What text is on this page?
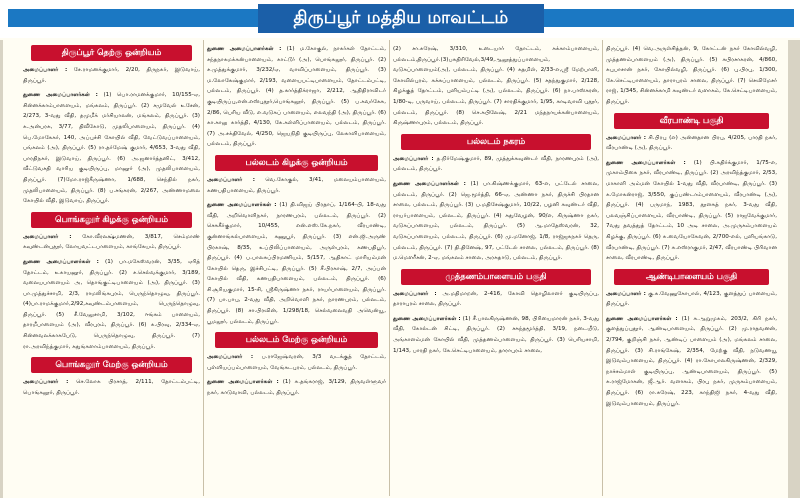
திருப்பூர் மத்திய மாவட்டம்
திருப்பூர் தெற்கு ஒன்றியம்

அமைப்பாளர் : சே.ராமனக்குமார், 2/20, திருநகர், இடுவாய், திருப்பூர்.

துணை அமைப்பாளர்கள் : (1) பொ.ராமனக்குமார், 10/155-ஏ, சின்னக்காம்பாளையம், மங்கலம், திருப்பூர். (2) சமுவேல் உசேன், 2/273, 3-வது வீதி, தமுமீக் மர்சியாலன், மங்கலம், திருப்பூர். (3) க.அன்பரசு, 3/77, திவீகோடு, முதலிபாளையம், திருப்பூர். (4) பெ.மோகேகர், 140, அப்புச்சி கோயில் வீதி, வேட்டுவப்பாளையம், பங்கலம் (அ), திருப்பூர். (5) ரா.தர்மேஷ் குமார், 4/653, 3-வது வீதி, பாரதிநகர், இடுவாய், திருப்பூர். (6) அ.ஜனார்த்தனிட், 3/412, வீட்டுவசதி வாரிய குடியிருப்பு, மானூர் (அ), முதலிபாளையம், திருப்பூர். (7)மோ.ராஜ்கீருஷ்ணா, 1/688, செந்தில் நகர், முதலிபாளையம், திருப்பூர். (8) ப.சங்கரன், 2/267, அண்ணாமலை கோயில் வீதி, இடுவாய், திருப்பூர்.

பொங்கலூர் கிழக்கு ஒன்றியம்

அமைப்பாளர் : கோ.வீரலக்ஷ்மணன், 3/817, செம்மாண் கவுண்டன்புதூர், லோயவட்டபாளையம், காங்கேயம், திருப்பூர்.

துணை அமைப்பாளர்கள் : (1) பா.மகேஸ்வரன், 3/35, ஏரித் தோட்டம், உகாயனூர், திருப்பூர். (2) ச.செல்வக்குமார், 3/189, வலையபாளையம் அ, தொங்குட்டிபாளையம் (அ), திருப்பூர். (3) பா.முத்துச்சாமி, 2/3, ராமலிங்கபுரம், பெருந்தொழுவு, திருப்பூர்.(4)பா.ராமக்குமார்,2/92,கவுண்டம்பாளையம், பெருந்தொழுவு, திருப்பூர். (5) சீ.வேலுசாமி, 3/102, ஈங்கம் பாளையம், தாரமீபாளையம் (அ), வீரபுரம், திருப்பூர். (6) க.பிரவு, 2/334-ஏ, சின்னவலக்காகபேடு, பெருந்தொழுவு, திருப்பூர். (7) ரா.அரவிந்த்குமார், கதுங்களாம்பாளையம், திருப்பூர்.

பொங்கலூர் மேற்கு ஒன்றியம்

அமைப்பாளர் : செ.லோக பிரசாத், 2/111, தோட்டம்பட்டி, பொங்கலூர், திருப்பூர்.

துணை அமைப்பாளர்கள் : (1) ம.கோகுல், நாகர்கள் தோட்டம், சந்தநாகமக்கன்பாளையம், காட்டூர் (அ), பொங்கலூர், திருப்பூர். (2) ச.முத்துக்குமார், 3/232/ஏ, வாவிப்பாளையம், திருப்பூர். (3) ம.லோகேஷ்குமார், 2/193, வளையபட்டிபாளையம், தோட்டம்பட்டி, பல்லடம், திருப்பூர். (4) த.கார்த்திக்ராஜா, 2/212, ஆதிதிராவிடர் குடியிருப்பு,என்.எஸ்புதூர்,பொங்கலூர், திருப்பூர். (5) ப.கவர்கேசு, 2/86, பெரிய வீடு, எ.வடுகப் பாளையம், எலவந்தி (அ), திருப்பூர். (6) கா.காலு கார்த்தி, 4/130, கே.கள்ளிப்பாளையம், பல்லடம், திருப்பூர். (7) அ.சக்திவேல், 4/250, ஜெயநிதி குடியிருப்பு, லேகாளிபாளையம், பல்லடம், திருப்பூர்.

பல்லடம் கிழக்கு ஒன்றியம்

அமைப்பாளர் : வெ.கோகுல், 3/41, மலையம்பாளையம், கணபதிபாளையம், திருப்பூர்.

துணை அமைப்பாளர்கள் : (1) தி.விஜய் பிரதாப், 1/164-பி, 18-வது வீதி, அறிவொளிநகர், நாரணபுரம், பல்லடம், திருப்பூர். (2) செசுகீர்குமார், 10/455, என்.எஸ்.கே.நகர், வீரபாண்டி, குன்னாங்கல்பாளையம், கணுபூர், திருப்பூர். (3) என்.ஜி.அருண் பிரகாஷ், 8/35, உப்பிலிப்பாளையம், அருள்புரம், கணபதிபூர், திருப்பூர். (4) ப.பாலசுப்பிரமணியம், 5/157, ஆதிகாட் மாரியம்மன் கோயில் தெரு, இச்சிபட்டி, திருப்பூர். (5) சீ.பிரகாஷ், 2/7, அப்பன் கோயில் வீதி, கணபதிபாளையம், பல்லடம், திருப்பூர். (6) சி.சூரியகுமார், 15-சி, ஸ்ரீகிருஷ்ணா நகர், ராயர்பாளையம், திருப்பூர். (7) பா.பாபு, 2-வது வீதி, அறிவொளி நகர், நாரணபுரம், பல்லடம், திருப்பூர். (8) சா.பிரவின், 1/298/18, செல்வலைவதி அவென்யூ, பூமலூர், பல்லடம், திருப்பூர்.

பல்லடம் மேற்கு ஒன்றியம்

அமைப்பாளர் : ப.ராஜேஷ்வரன், 3/3 வடக்குத் தோட்டம், புள்ளியப்பம்பாளையம், வேங்கடபுரம், பல்லடம், திருப்பூர்.

துணை அமைப்பாளர்கள் : (1) சு.தங்கராஜ், 3/129, திருவள்ளுவர் நகர், காடுவாவி, பல்லடம், திருப்பூர்.

(2) சா.சுரேஷ், 3/310, உடையார் தோட்டம், சுக்காம்பாளையம், பல்லடம்,திருப்பூர்.(3)பசுதிரிவேல்,3/49,ஆலூத்துப்பாளையம், வடுகப்பாளையம்(அ), பல்லடம், திருப்பூர். (4) கதமிள், 2/33-எ,ஸ்ரீ மேற்பாளி, கோவில்புரம், கக்கப்பாளையம், பல்லடம், திருப்பூர். (5) சதந்துகுமார், 2/128, கிழக்குத் தோட்டம், புளியம்பட்டி (அ), பல்லடம், திருப்பூர். (6) நா.பாஸ்கரன், 1/80-டி, பருவாய், பல்லடம், திருப்பூர். (7) சாரதிக்குமார், 1/95, காடிவாவி புதூர், பல்லடம், திருப்பூர். (8) செ.கபிலேஷ், 2/21 மந்தநாயக்கன்பாளையம், கிருஷ்ணாபுரம், பல்லடம், திருப்பூர்.

பல்லடம் நகரம்

அமைப்பாளர் : த.நிர்மேஷ்குமார், 89, முத்துக்கவுண்டர் வீதி, நாரணபுரம் (அ), பல்லடம், திருப்பூர்.

துணை அமைப்பாளர்கள் : (1) பா.கிஷ்ணக்குமார், 63-எ, பட்டேல் சாலை, பல்லடம், திருப்பூர். (2) ஜெ.மூர்த்தி, 66-ஏ, அண்ணா நகர், திருச்சி பிரதான சாலை, பல்லடம், திருப்பூர். (3) ப.மதிசேஷ்குமார், 10/22, பழனி கவுண்டர் வீதி, ராயர்பாளையம், பல்லடம், திருப்பூர். (4) சுதுவேழன், 90/எ, கிருஷ்ணா நகர், வடுகப்பாளையம், பல்லடம், திருப்பூர். (5) ஆ.மாதேஸ்வரன், 32, வடுகப்பாளையம், பல்லடம், திருப்பூர். (6) மு.மனோஜ், 1/8, ராஜ்ஜகநகர் தெரு, பல்லடம், திருப்பூர். (7) தி.தினேஷ், 97, பட்டேல் சாலை, பல்லடம், திருப்பூர். (8) ம.மௌரீசன், 2-ஏ, மங்கலம் சாலை, அரசுதாடு, பல்லடம், திருப்பூர்.

முத்தணம்பாளையம் பகுதி

அமைப்பாளர் : அ.மதிமாறன், 2-416, கோவி தொழிலாளர் குடியிருப்பு, தாராபுரம் சாலை, திருப்பூர்.

துணை அமைப்பாளர்கள் : (1) சீ.பாலகிருஷ்ணன், 98, பிரியைமாரன் நகர், 3-வது வீதி, கோல்டன் சிட்டி, திருப்பூர். (2) சசுந்தமூர்த்தி, 3/19, நடையீடு, அங்காளம்மன் கோயில் வீதி, முத்தணம்பாளையம், திருப்பூர். (3) பெரியசாமி, 1/143, பாரதி நகர், கே.செட்டிபாளையம், தாராபுரம் சாலை,

திருப்பூர். (4) வெ.அருள்சித்தன், 9, கோட்டன் நகர் கோவில்வழி, முத்தணம்பாளையம் (அ), திருப்பூர். (5) சுபிரசாகரன், 4/860, சுபுபாசான் நகர், கோயில்வழி, திருப்பூர். (6) பு.பிரபு, 1/300, கே.செட்டிபாளையம், தாராபுரம் சாலை, திருப்பூர். (7) செவிமேசர் ராஜ், 1/345, சின்னக்காமி கவுண்டர் வளாகம், கே.செட்டிபாளையம், திருப்பூர்.

வீரபாண்டி பகுதி

அமைப்பாளர் : சி.பிரபு (எ) அன்னதான பிரபு, 4/205, பாரதி நகர், வீரபாண்டி (அ), திருப்பூர்.

துணை அமைப்பாளர்கள் : (1) பி.கதிர்க்குமார், 1/75-எ, முகாம்பிகை நகர், வீரபாண்டி, திருப்பூர். (2) அரவிந்த்குமார், 2/53, மாகாளி அம்மன் கோயில் 1-வது வீதி, வீரபாண்டி, திருப்பூர். (3) க.மோகன்ராஜ், 3/550, குப்பண்டாம்பாளையம், வீரபாண்டி (அ), திருப்பூர். (4) பருமாந், 1983, தூளசுத் நகர், 3-வது வீதி, பலவஞ்சிப்பாளையம், வீரபாண்டி, திருப்பூர். (5) ராஜவேக்குமார், 7வது தவத்துத் தோட்டம், 10 அடி சாலை, அ.முருகம்பாளையம் கிழக்கு, திருப்பூர். (6) சு.வையோகேவன், 2/700-எல், புளியங்காடு, வீரபாண்டி, திருப்பூர். (7) சு.எஸ்ராகுமர், 2/47, வீரபாண்டி பிரிவான சாலை, வீரபாண்டி, திருப்பூர்.

ஆண்டிபாளையம் பகுதி

அமைப்பாளர் : கு.க.வேணுகோபால், 4/123, குளத்துப் பாளையம், திருப்பூர்.

துணை அமைப்பாளர்கள் : (1) சு.ஆறுமுகம், 203/2, கிரி நகர், குளத்துப்புதூர், ஆண்டிபாளையம், திருப்பூர். (2) மு.ராதவனன், 2/794, குறிஞ்சி நகர், ஆண்டிப் பாளையம் (அ), மங்கலம் சாலை, திருப்பூர். (3) சி.ராங்கேஷ், 2/354, மேற்கு வீதி, நடுவணயூ இடுவம்பாளையம், திருப்பூர். (4) ரா.கோபாலகிருஷ்ணன், 2/329, நாச்சம்மாள் குடியிருப்பு, ஆண்டிபாளையம், திருப்பூர். (5) சு.ராஜ்மோகன், ஜீ.ஆர். வளாகம், பிரபு நகர், முருகம்பாளையம், திருப்பூர். (6) ரா.சுரேஷ், 223, காந்திஜி நகர், 4-வது வீதி, இடுவம்பாளையம், திருப்பூர்.
